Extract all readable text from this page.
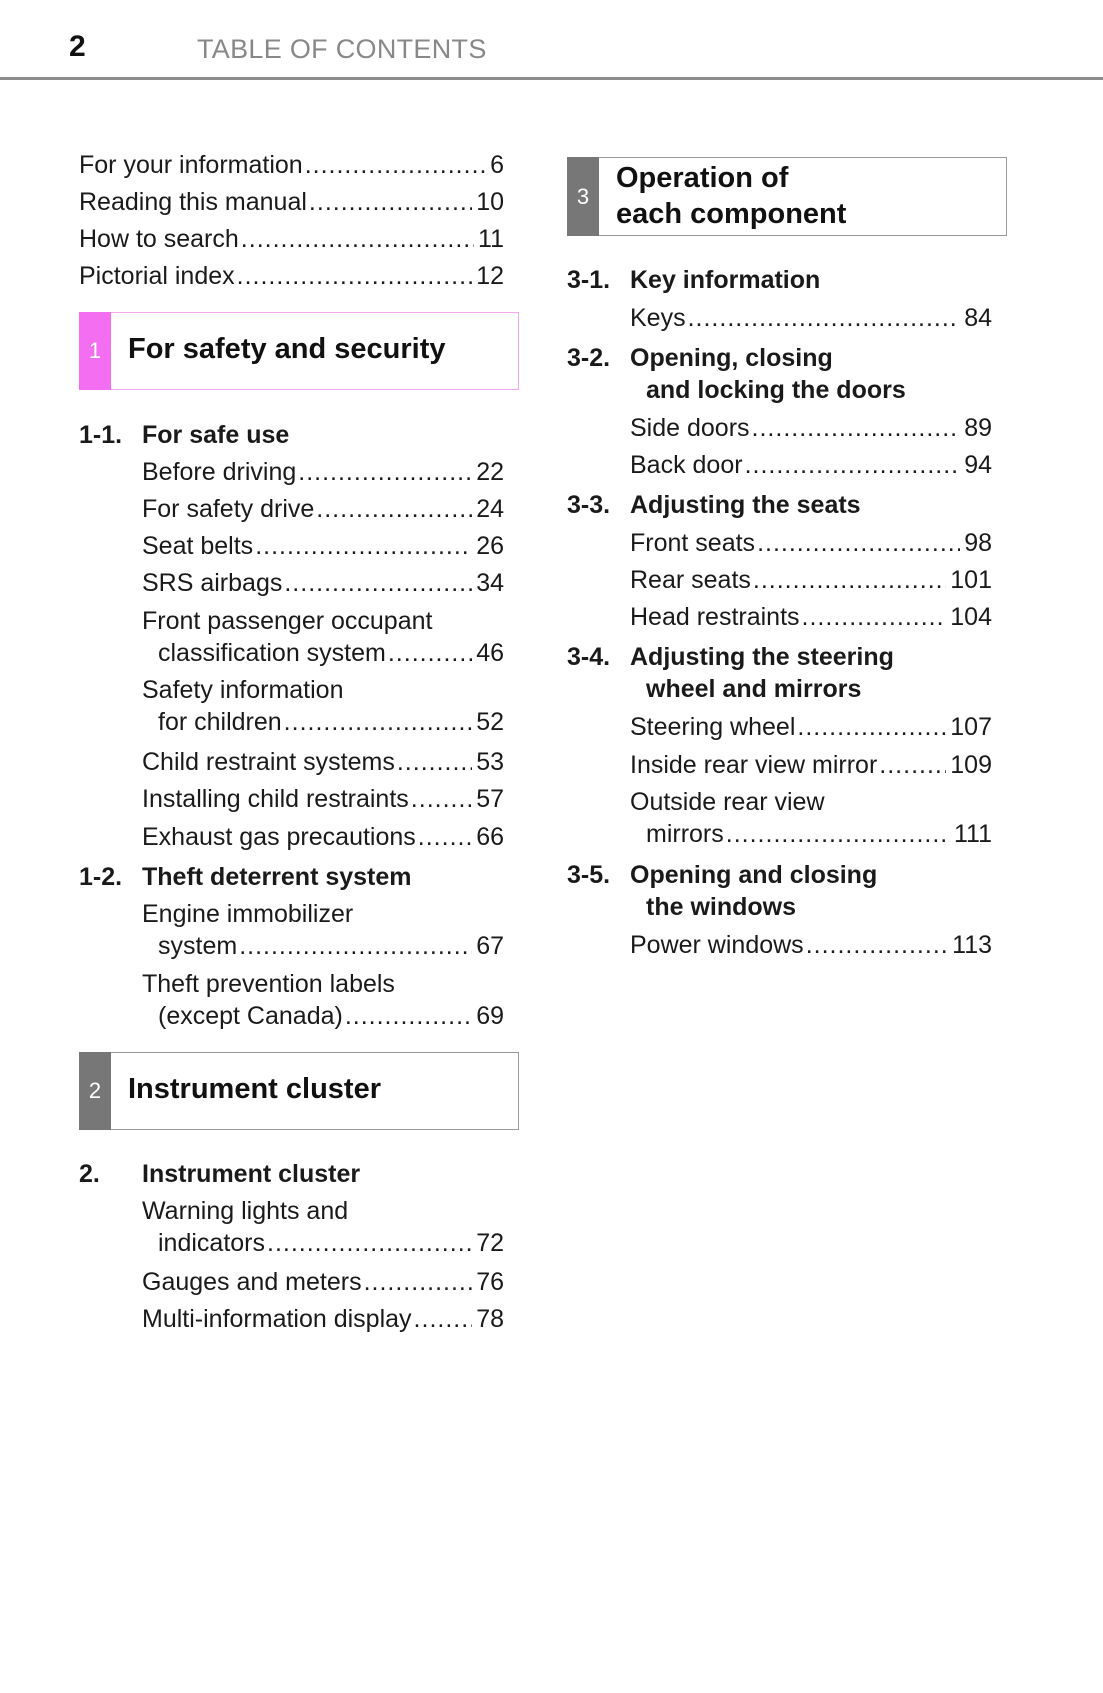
2	TABLE OF CONTENTS
For your information .....	6
Reading this manual .....	10
How to search .....	11
Pictorial index .....	12
1 For safety and security
1-1. For safe use
Before driving .....	22
For safety drive .....	24
Seat belts .....	26
SRS airbags .....	34
Front passenger occupant
classification system .....	46
Safety information
for children .....	52
Child restraint systems .....	53
Installing child restraints .....	57
Exhaust gas precautions ..... 66
1-2. Theft deterrent system
Engine immobilizer
system .....	67
Theft prevention labels
(except Canada) .....	69
2 Instrument cluster
2. Instrument cluster
Warning lights and
indicators .....	72
Gauges and meters .....	76
Multi-information display .....	78
3
Operation of
each component
3-1. Key information
Keys .....	84
3-2. Opening, closing
and locking the doors
Side doors .....	89
Back door .....	94
3-3. Adjusting the seats
Front seats .....	98
Rear seats .....	101
Head restraints .....	104
3-4. Adjusting the steering
wheel and mirrors
Steering wheel .....	107
Inside rear view mirror .....	109
Outside rear view
mirrors .....	111
3-5. Opening and closing
the windows
Power windows .....	113
